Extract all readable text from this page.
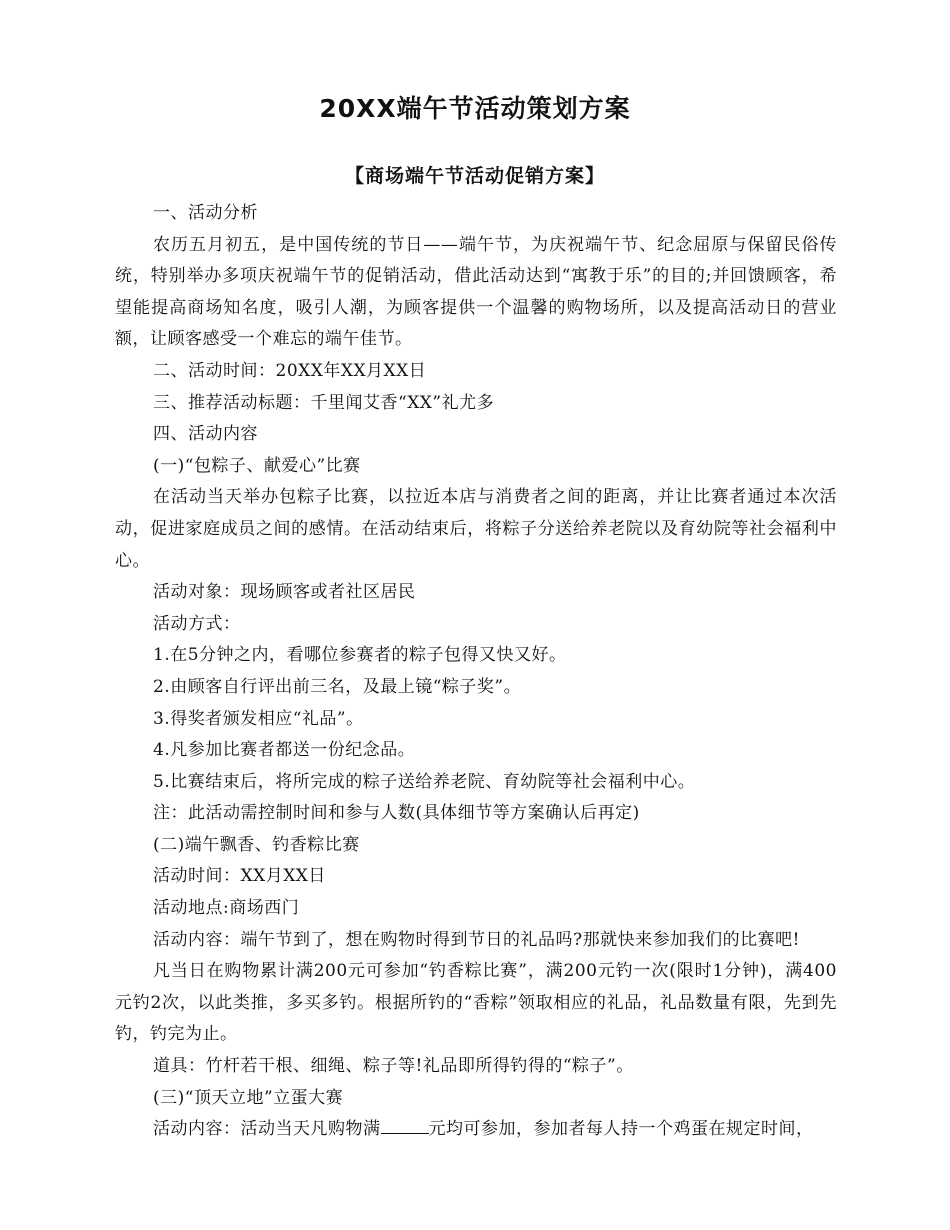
20XX端午节活动策划方案
【商场端午节活动促销方案】

一、活动分析

农历五月初五，是中国传统的节日——端午节，为庆祝端午节、纪念屈原与保留民俗传统，特别举办多项庆祝端午节的促销活动，借此活动达到“寓教于乐”的目的;并回馈顾客，希望能提高商场知名度，吸引人潮，为顾客提供一个温馨的购物场所，以及提高活动日的营业额，让顾客感受一个难忘的端午佳节。

二、活动时间：20XX年XX月XX日

三、推荐活动标题：千里闻艾香“XX”礼尤多

四、活动内容

(一)“包粽子、献爱心”比赛

在活动当天举办包粽子比赛，以拉近本店与消费者之间的距离，并让比赛者通过本次活动，促进家庭成员之间的感情。在活动结束后，将粽子分送给养老院以及育幼院等社会福利中心。

活动对象：现场顾客或者社区居民

活动方式：

1.在5分钟之内，看哪位参赛者的粽子包得又快又好。

2.由顾客自行评出前三名，及最上镜“粽子奖”。

3.得奖者颁发相应“礼品”。

4.凡参加比赛者都送一份纪念品。

5.比赛结束后，将所完成的粽子送给养老院、育幼院等社会福利中心。

注：此活动需控制时间和参与人数(具体细节等方案确认后再定)

(二)端午飘香、钓香粽比赛

活动时间：XX月XX日

活动地点:商场西门

活动内容：端午节到了，想在购物时得到节日的礼品吗?那就快来参加我们的比赛吧!

凡当日在购物累计满200元可参加“钓香粽比赛”，满200元钓一次(限时1分钟)，满400元钓2次，以此类推，多买多钓。根据所钓的“香粽”领取相应的礼品，礼品数量有限，先到先钓，钓完为止。

道具：竹杆若干根、细绳、粽子等!礼品即所得钓得的“粽子”。

(三)“顶天立地”立蛋大赛

活动内容：活动当天凡购物满	元均可参加，参加者每人持一个鸡蛋在规定时间，
